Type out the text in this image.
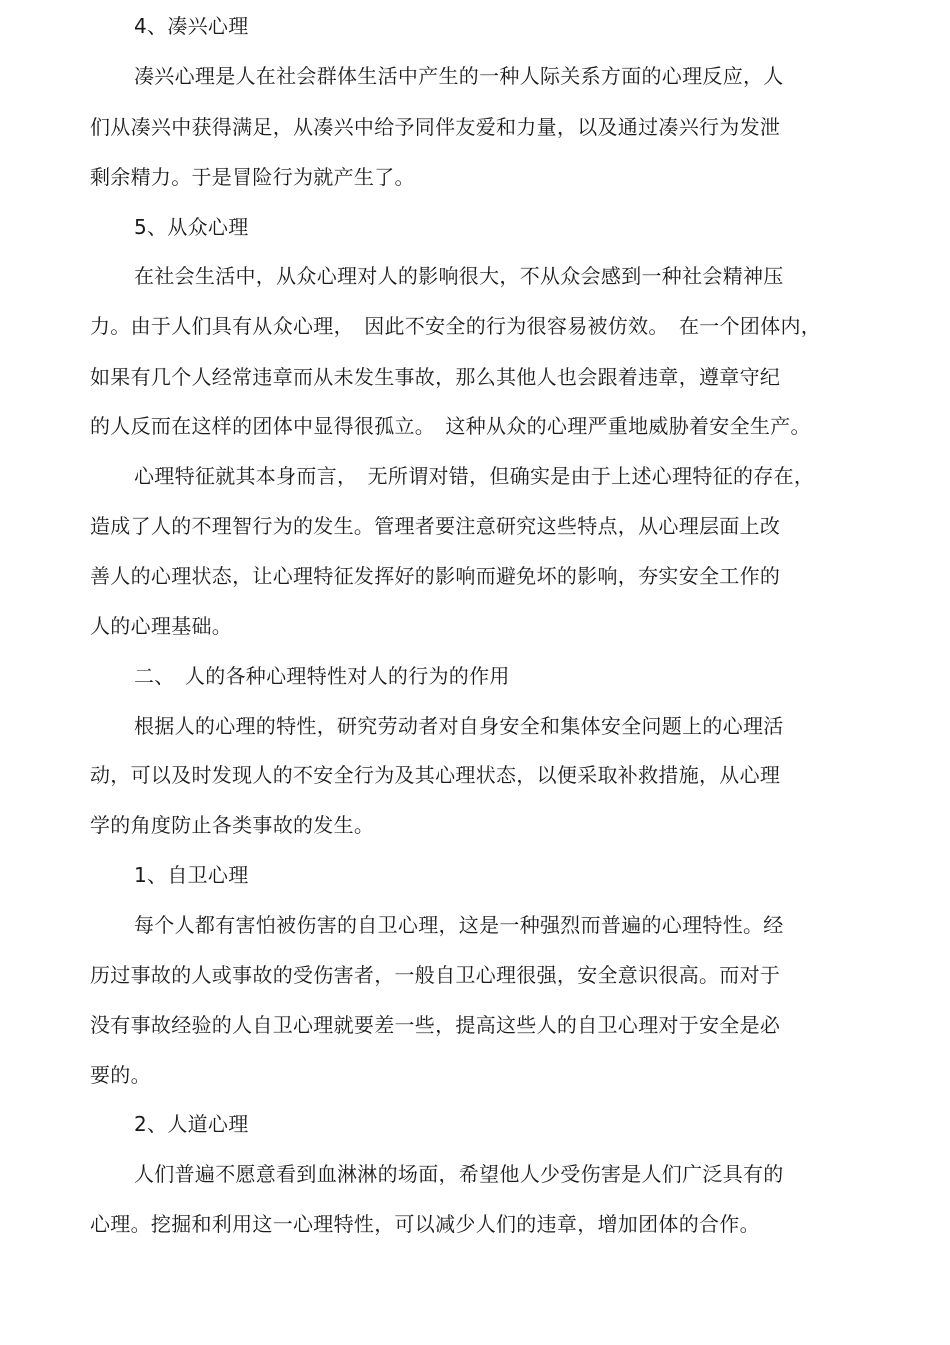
4、凑兴心理
凑兴心理是人在社会群体生活中产生的一种人际关系方面的心理反应，人
们从凑兴中获得满足，从凑兴中给予同伴友爱和力量，以及通过凑兴行为发泄
剩余精力。于是冒险行为就产生了。
5、从众心理
在社会生活中，从众心理对人的影响很大，不从众会感到一种社会精神压
力。由于人们具有从众心理，　因此不安全的行为很容易被仿效。　在一个团体内，
如果有几个人经常违章而从未发生事故，那么其他人也会跟着违章，遵章守纪
的人反而在这样的团体中显得很孤立。　这种从众的心理严重地威胁着安全生产。
心理特征就其本身而言，　无所谓对错，但确实是由于上述心理特征的存在，
造成了人的不理智行为的发生。管理者要注意研究这些特点，从心理层面上改
善人的心理状态，让心理特征发挥好的影响而避免坏的影响，夯实安全工作的
人的心理基础。
二、　人的各种心理特性对人的行为的作用
根据人的心理的特性，研究劳动者对自身安全和集体安全问题上的心理活
动，可以及时发现人的不安全行为及其心理状态，以便采取补救措施，从心理
学的角度防止各类事故的发生。
1、自卫心理
每个人都有害怕被伤害的自卫心理，这是一种强烈而普遍的心理特性。经
历过事故的人或事故的受伤害者，一般自卫心理很强，安全意识很高。而对于
没有事故经验的人自卫心理就要差一些，提高这些人的自卫心理对于安全是必
要的。
2、人道心理
人们普遍不愿意看到血淋淋的场面，希望他人少受伤害是人们广泛具有的
心理。挖掘和利用这一心理特性，可以减少人们的违章，增加团体的合作。
